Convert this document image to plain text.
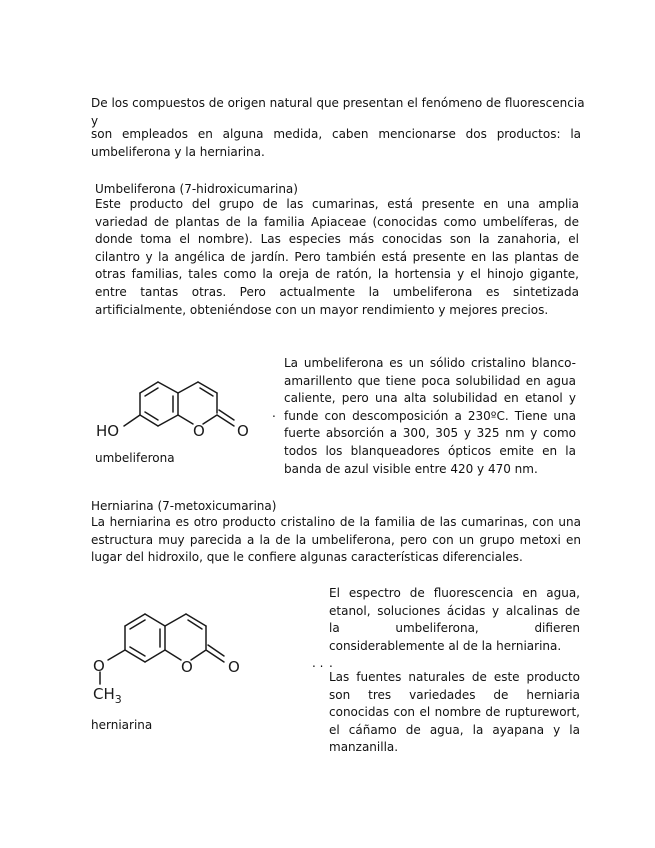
De los compuestos de origen natural que presentan el fenómeno de fluorescencia y
son empleados en alguna medida, caben mencionarse dos productos: la umbeliferona y la herniarina.
Umbeliferona (7-hidroxicumarina)
Este producto del grupo de las cumarinas, está presente en una amplia variedad de plantas de la familia Apiaceae (conocidas como umbelíferas, de donde toma el nombre). Las especies más conocidas son la zanahoria, el cilantro y la angélica de jardín. Pero también está presente en las plantas de otras familias, tales como la oreja de ratón, la hortensia y el hinojo gigante, entre tantas otras. Pero actualmente la umbeliferona es sintetizada artificialmente, obteniéndose con un mayor rendimiento y mejores precios.
HO	O O
.
umbeliferona
La umbeliferona es un sólido cristalino blanco-amarillento que tiene poca solubilidad en agua caliente, pero una alta solubilidad en etanol y funde con descomposición a 230ºC. Tiene una fuerte absorción a 300, 305 y 325 nm y como todos los blanqueadores ópticos emite en la banda de azul visible entre 420 y 470 nm.
Herniarina (7-metoxicumarina)
La herniarina es otro producto cristalino de la familia de las cumarinas, con una estructura muy parecida a la de la umbeliferona, pero con un grupo metoxi en lugar del hidroxilo, que le confiere algunas características diferenciales.
O
$CH_3$
O O	. .
herniarina
El espectro de fluorescencia en agua, etanol, soluciones ácidas y alcalinas de la umbeliferona, difieren considerablemente al de la herniarina.
.
Las fuentes naturales de este producto son tres variedades de herniaria conocidas con el nombre de rupturewort, el cáñamo de agua, la ayapana y la manzanilla.
